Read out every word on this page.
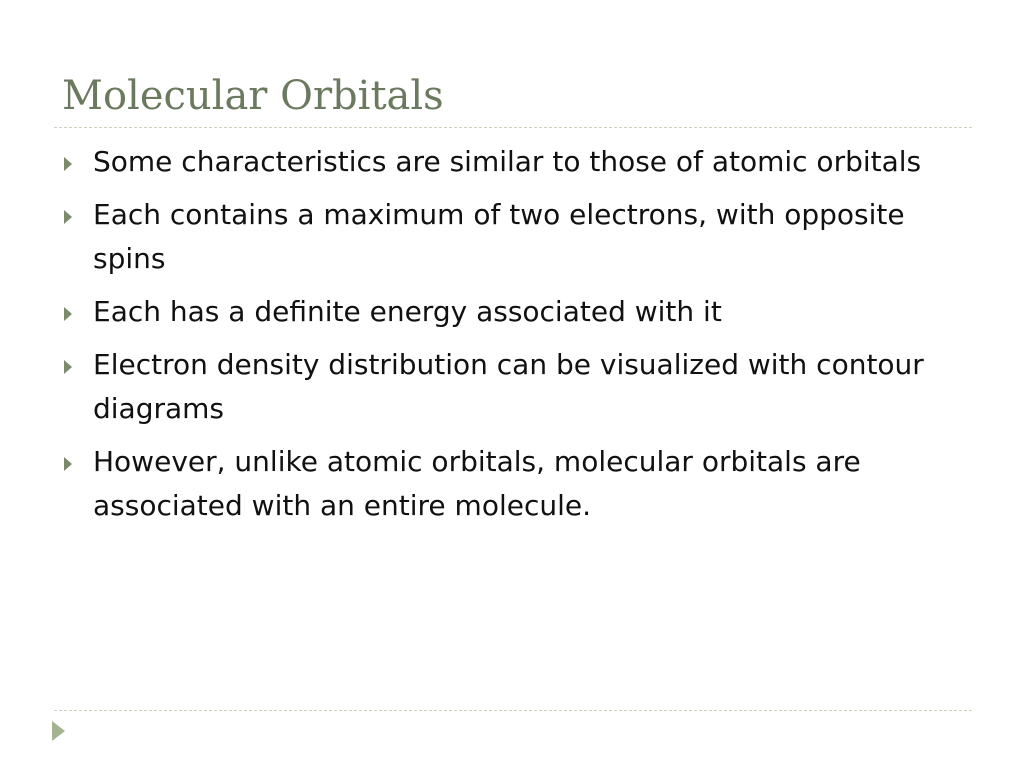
Molecular Orbitals
Some characteristics are similar to those of atomic orbitals
Each contains a maximum of two electrons, with opposite spins
Each has a definite energy associated with it
Electron density distribution can be visualized with contour diagrams
However, unlike atomic orbitals, molecular orbitals are associated with an entire molecule.
